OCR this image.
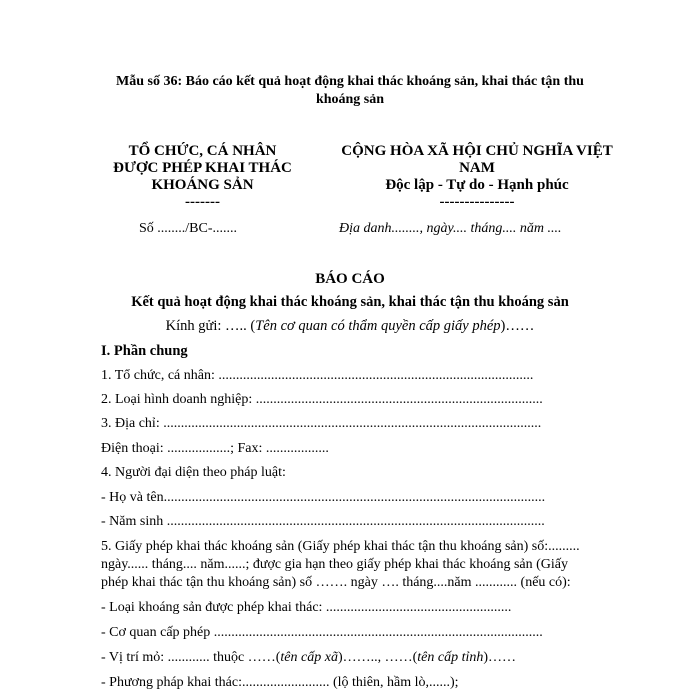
Mẫu số 36: Báo cáo kết quả hoạt động khai thác khoáng sản, khai thác tận thu
khoáng sản
TỔ CHỨC, CÁ NHÂN
ĐƯỢC PHÉP KHAI THÁC
KHOÁNG SẢN
-------
CỘNG HÒA XÃ HỘI CHỦ NGHĨA VIỆT NAM
Độc lập - Tự do - Hạnh phúc
---------------
Số ......../BC-.......	Địa danh........, ngày.... tháng.... năm ....
BÁO CÁO
Kết quả hoạt động khai thác khoáng sản, khai thác tận thu khoáng sản
Kính gửi: ….. (Tên cơ quan có thẩm quyền cấp giấy phép)……
I. Phần chung
1. Tổ chức, cá nhân: ..........................................................................................
2. Loại hình doanh nghiệp: ..................................................................................
3. Địa chỉ: ............................................................................................................
Điện thoại: ..................; Fax: ..................
4. Người đại diện theo pháp luật:
- Họ và tên.............................................................................................................
- Năm sinh ............................................................................................................
5. Giấy phép khai thác khoáng sản (Giấy phép khai thác tận thu khoáng sản) số:.........
ngày...... tháng.... năm......; được gia hạn theo giấy phép khai thác khoáng sản (Giấy
phép khai thác tận thu khoáng sản) số ……. ngày …. tháng....năm ............ (nếu có):
- Loại khoáng sản được phép khai thác: .....................................................
- Cơ quan cấp phép ..............................................................................................
- Vị trí mỏ: ............ thuộc ……(tên cấp xã)…….., ……(tên cấp tỉnh)……
- Phương pháp khai thác:......................... (lộ thiên, hầm lò,......);
